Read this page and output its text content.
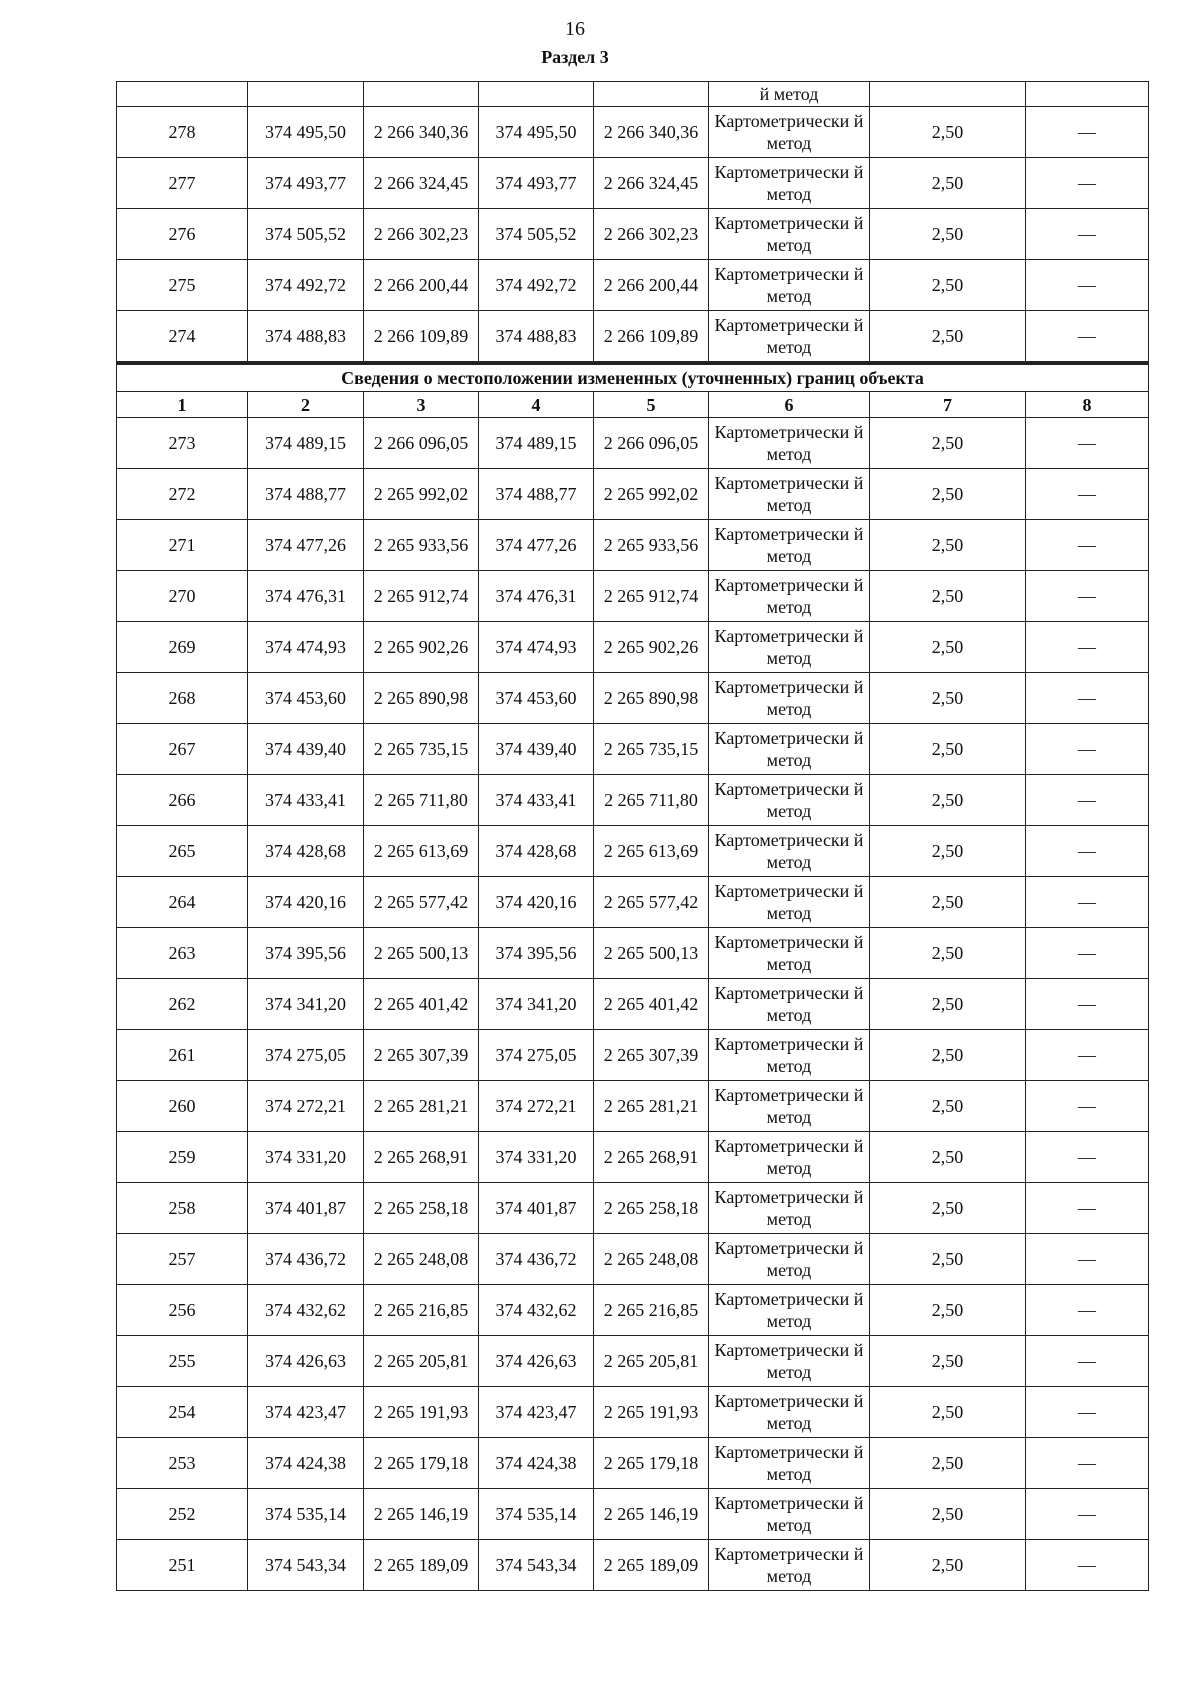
16
Раздел 3
					й метод		
278	374 495,50	2 266 340,36	374 495,50	2 266 340,36	Картометрически й метод	2,50	—
277	374 493,77	2 266 324,45	374 493,77	2 266 324,45	Картометрически й метод	2,50	—
276	374 505,52	2 266 302,23	374 505,52	2 266 302,23	Картометрически й метод	2,50	—
275	374 492,72	2 266 200,44	374 492,72	2 266 200,44	Картометрически й метод	2,50	—
274	374 488,83	2 266 109,89	374 488,83	2 266 109,89	Картометрически й метод	2,50	—
Сведения о местоположении измененных (уточненных) границ объекта							
1	2	3	4	5	6	7	8
273	374 489,15	2 266 096,05	374 489,15	2 266 096,05	Картометрически й метод	2,50	—
272	374 488,77	2 265 992,02	374 488,77	2 265 992,02	Картометрически й метод	2,50	—
271	374 477,26	2 265 933,56	374 477,26	2 265 933,56	Картометрически й метод	2,50	—
270	374 476,31	2 265 912,74	374 476,31	2 265 912,74	Картометрически й метод	2,50	—
269	374 474,93	2 265 902,26	374 474,93	2 265 902,26	Картометрически й метод	2,50	—
268	374 453,60	2 265 890,98	374 453,60	2 265 890,98	Картометрически й метод	2,50	—
267	374 439,40	2 265 735,15	374 439,40	2 265 735,15	Картометрически й метод	2,50	—
266	374 433,41	2 265 711,80	374 433,41	2 265 711,80	Картометрически й метод	2,50	—
265	374 428,68	2 265 613,69	374 428,68	2 265 613,69	Картометрически й метод	2,50	—
264	374 420,16	2 265 577,42	374 420,16	2 265 577,42	Картометрически й метод	2,50	—
263	374 395,56	2 265 500,13	374 395,56	2 265 500,13	Картометрически й метод	2,50	—
262	374 341,20	2 265 401,42	374 341,20	2 265 401,42	Картометрически й метод	2,50	—
261	374 275,05	2 265 307,39	374 275,05	2 265 307,39	Картометрически й метод	2,50	—
260	374 272,21	2 265 281,21	374 272,21	2 265 281,21	Картометрически й метод	2,50	—
259	374 331,20	2 265 268,91	374 331,20	2 265 268,91	Картометрически й метод	2,50	—
258	374 401,87	2 265 258,18	374 401,87	2 265 258,18	Картометрически й метод	2,50	—
257	374 436,72	2 265 248,08	374 436,72	2 265 248,08	Картометрически й метод	2,50	—
256	374 432,62	2 265 216,85	374 432,62	2 265 216,85	Картометрически й метод	2,50	—
255	374 426,63	2 265 205,81	374 426,63	2 265 205,81	Картометрически й метод	2,50	—
254	374 423,47	2 265 191,93	374 423,47	2 265 191,93	Картометрически й метод	2,50	—
253	374 424,38	2 265 179,18	374 424,38	2 265 179,18	Картометрически й метод	2,50	—
252	374 535,14	2 265 146,19	374 535,14	2 265 146,19	Картометрически й метод	2,50	—
251	374 543,34	2 265 189,09	374 543,34	2 265 189,09	Картометрически й метод	2,50	—
